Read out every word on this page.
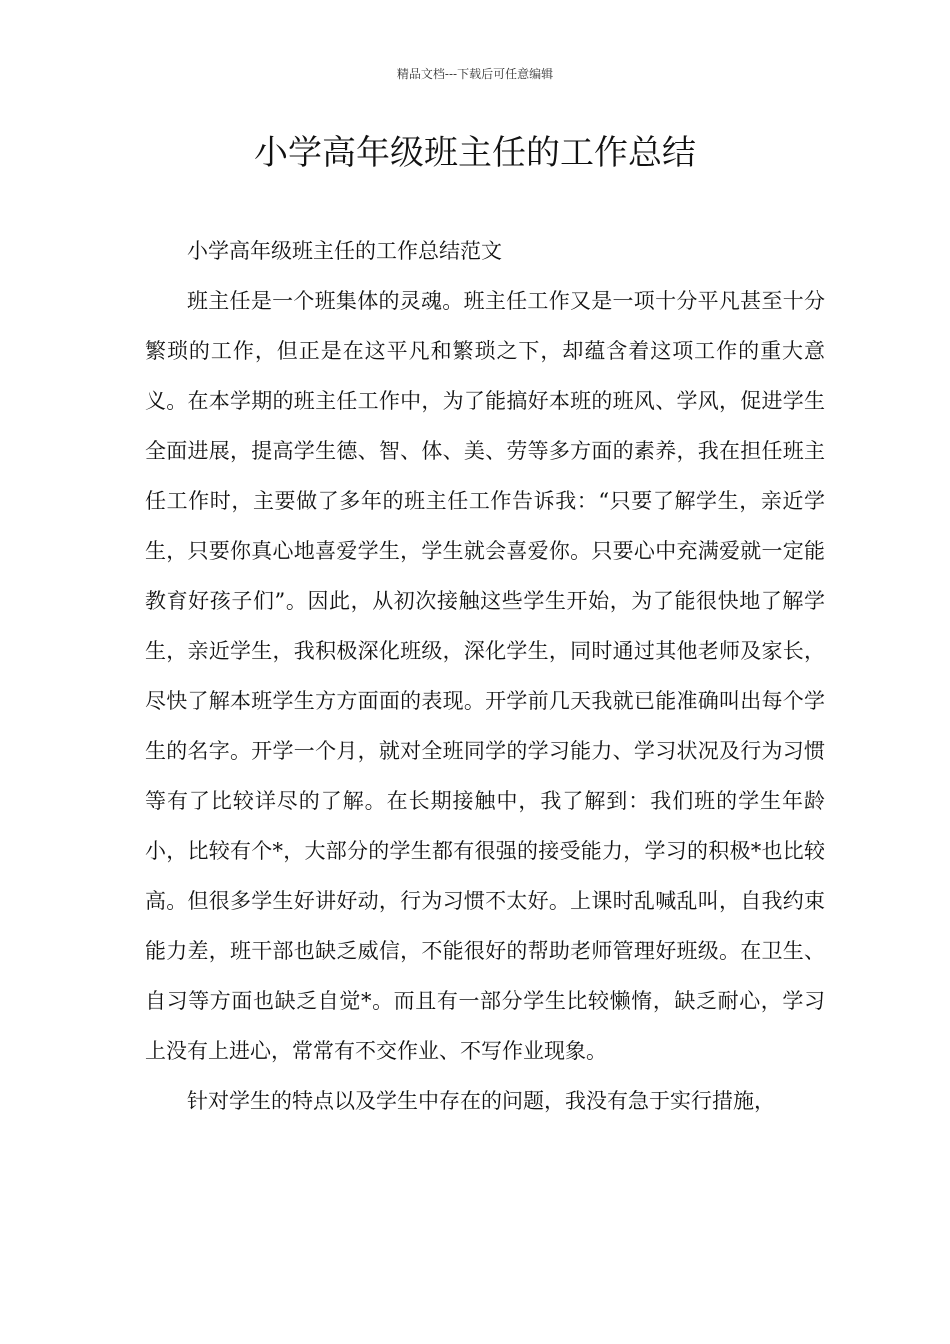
精品文档---下载后可任意编辑
小学高年级班主任的工作总结

小学高年级班主任的工作总结范文

班主任是一个班集体的灵魂。班主任工作又是一项十分平凡甚至十分繁琐的工作，但正是在这平凡和繁琐之下，却蕴含着这项工作的重大意义。在本学期的班主任工作中，为了能搞好本班的班风、学风，促进学生全面进展，提高学生德、智、体、美、劳等多方面的素养，我在担任班主任工作时，主要做了多年的班主任工作告诉我：“只要了解学生，亲近学生，只要你真心地喜爱学生，学生就会喜爱你。只要心中充满爱就一定能教育好孩子们”。因此，从初次接触这些学生开始，为了能很快地了解学生，亲近学生，我积极深化班级，深化学生，同时通过其他老师及家长，尽快了解本班学生方方面面的表现。开学前几天我就已能准确叫出每个学生的名字。开学一个月，就对全班同学的学习能力、学习状况及行为习惯等有了比较详尽的了解。在长期接触中，我了解到：我们班的学生年龄小，比较有个*，大部分的学生都有很强的接受能力，学习的积极*也比较高。但很多学生好讲好动，行为习惯不太好。上课时乱喊乱叫，自我约束能力差，班干部也缺乏威信，不能很好的帮助老师管理好班级。在卫生、自习等方面也缺乏自觉*。而且有一部分学生比较懒惰，缺乏耐心，学习上没有上进心，常常有不交作业、不写作业现象。

针对学生的特点以及学生中存在的问题，我没有急于实行措施，
